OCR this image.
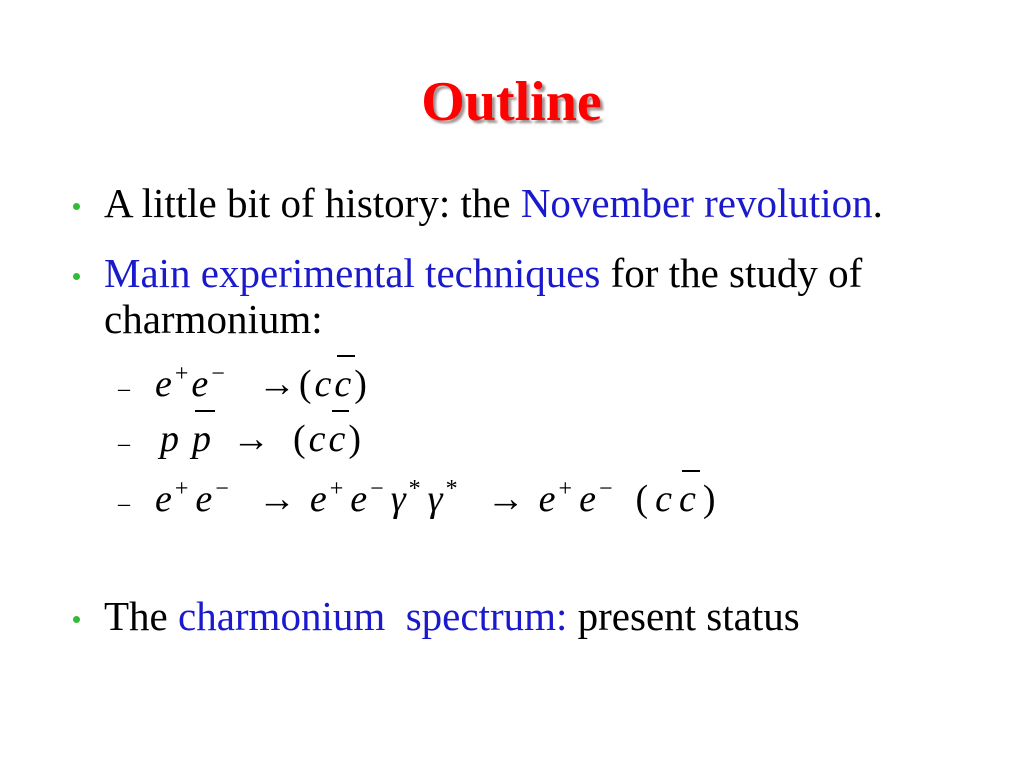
Outline
A little bit of history: the November revolution.
Main experimental techniques for the study of charmonium:
– e +e − →(cc
)
– p p → (cc
)
– e + e − → e + e − γ * γ * → e + e − ( c c )
The charmonium  spectrum: present status
